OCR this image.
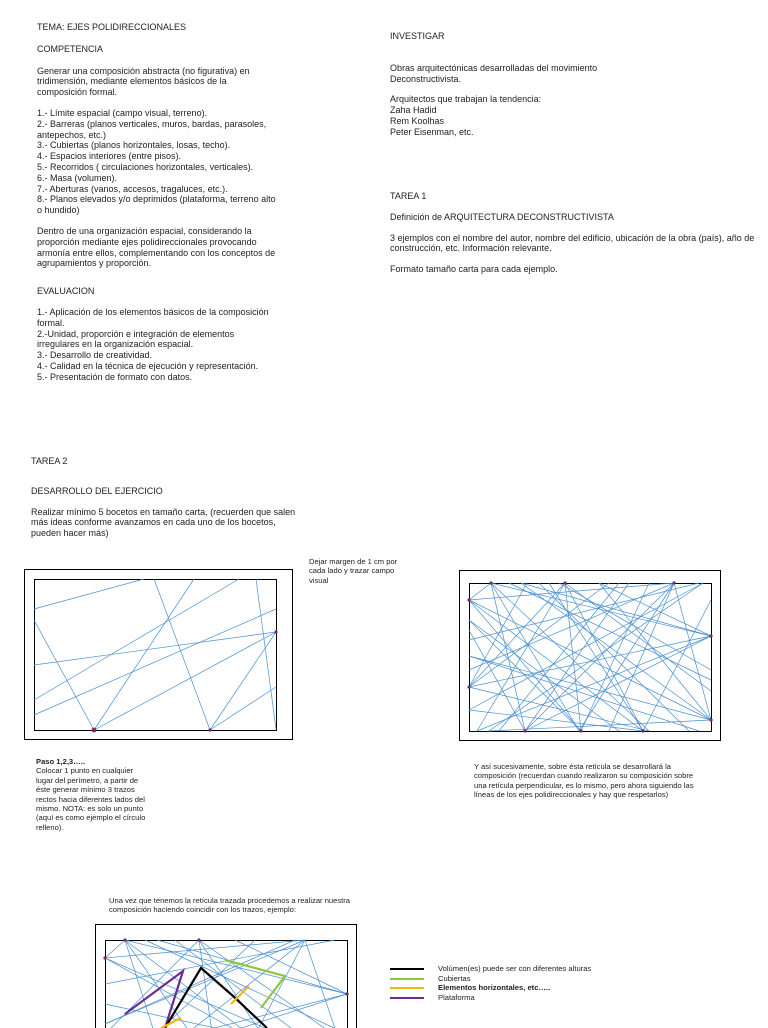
TEMA: EJES POLIDIRECCIONALES
COMPETENCIA
Generar una composición abstracta (no figurativa) en
tridimensión, mediante elementos básicos de la
composición formal.
1.- Límite espacial (campo visual, terreno).
2.- Barreras (planos verticales, muros, bardas, parasoles,
antepechos, etc.)
3.- Cubiertas (planos horizontales, losas, techo).
4.- Espacios interiores (entre pisos).
5.- Recorridos ( circulaciones horizontales, verticales).
6.- Masa (volumen).
7.- Aberturas (vanos, accesos, tragaluces, etc.).
8.- Planos elevados y/o deprimidos (plataforma, terreno alto
o hundido)
Dentro de una organización espacial, considerando la
proporción mediante ejes polidireccionales provocando
armonía entre ellos, complementando con los conceptos de
agrupamientos y proporción.
EVALUACION
1.- Aplicación de los elementos básicos de la composición
formal.
2.-Unidad, proporción e integración de elementos
irregulares en la organización espacial.
3.- Desarrollo de creatividad.
4.- Calidad en la técnica de ejecución y representación.
5.- Presentación de formato con datos.
INVESTIGAR
Obras arquitectónicas desarrolladas del movimiento
Deconstructivista.
Arquitectos que trabajan la tendencia:
Zaha Hadid
Rem Koolhas
Peter Eisenman, etc.
TAREA 1
Definición de ARQUITECTURA DECONSTRUCTIVISTA
3 ejemplos con el nombre del autor, nombre del edificio, ubicación de la obra (país), año de
construcción, etc. Información relevante.
Formato tamaño carta para cada ejemplo.
TAREA 2
DESARROLLO DEL EJERCICIO
Realizar mínimo 5 bocetos en tamaño carta, (recuerden que salen
más ideas conforme avanzamos en cada uno de los bocetos,
pueden hacer más)
Dejar margen de 1 cm por
cada lado y trazar campo
visual
Paso 1,2,3…..
Colocar 1 punto en cualquier
lugar del perímetro, a partir de
éste generar mínimo 3 trazos
rectos hacia diferentes lados del
mismo. NOTA: es solo un punto
(aquí es como ejemplo el círculo
relleno).
Y así sucesivamente, sobre ésta retícula se desarrollará la
composición (recuerdan cuando realizaron su composición sobre
una retícula perpendicular, es lo mismo, pero ahora siguiendo las
líneas de los ejes polidireccionales y hay que respetarlos)
Una vez que tenemos la retícula trazada procedemos a realizar nuestra
composición haciendo coincidir con los trazos, ejemplo:
Volúmen(es) puede ser con diferentes alturas
Cubiertas
Elementos horizontales, etc…..
Plataforma
